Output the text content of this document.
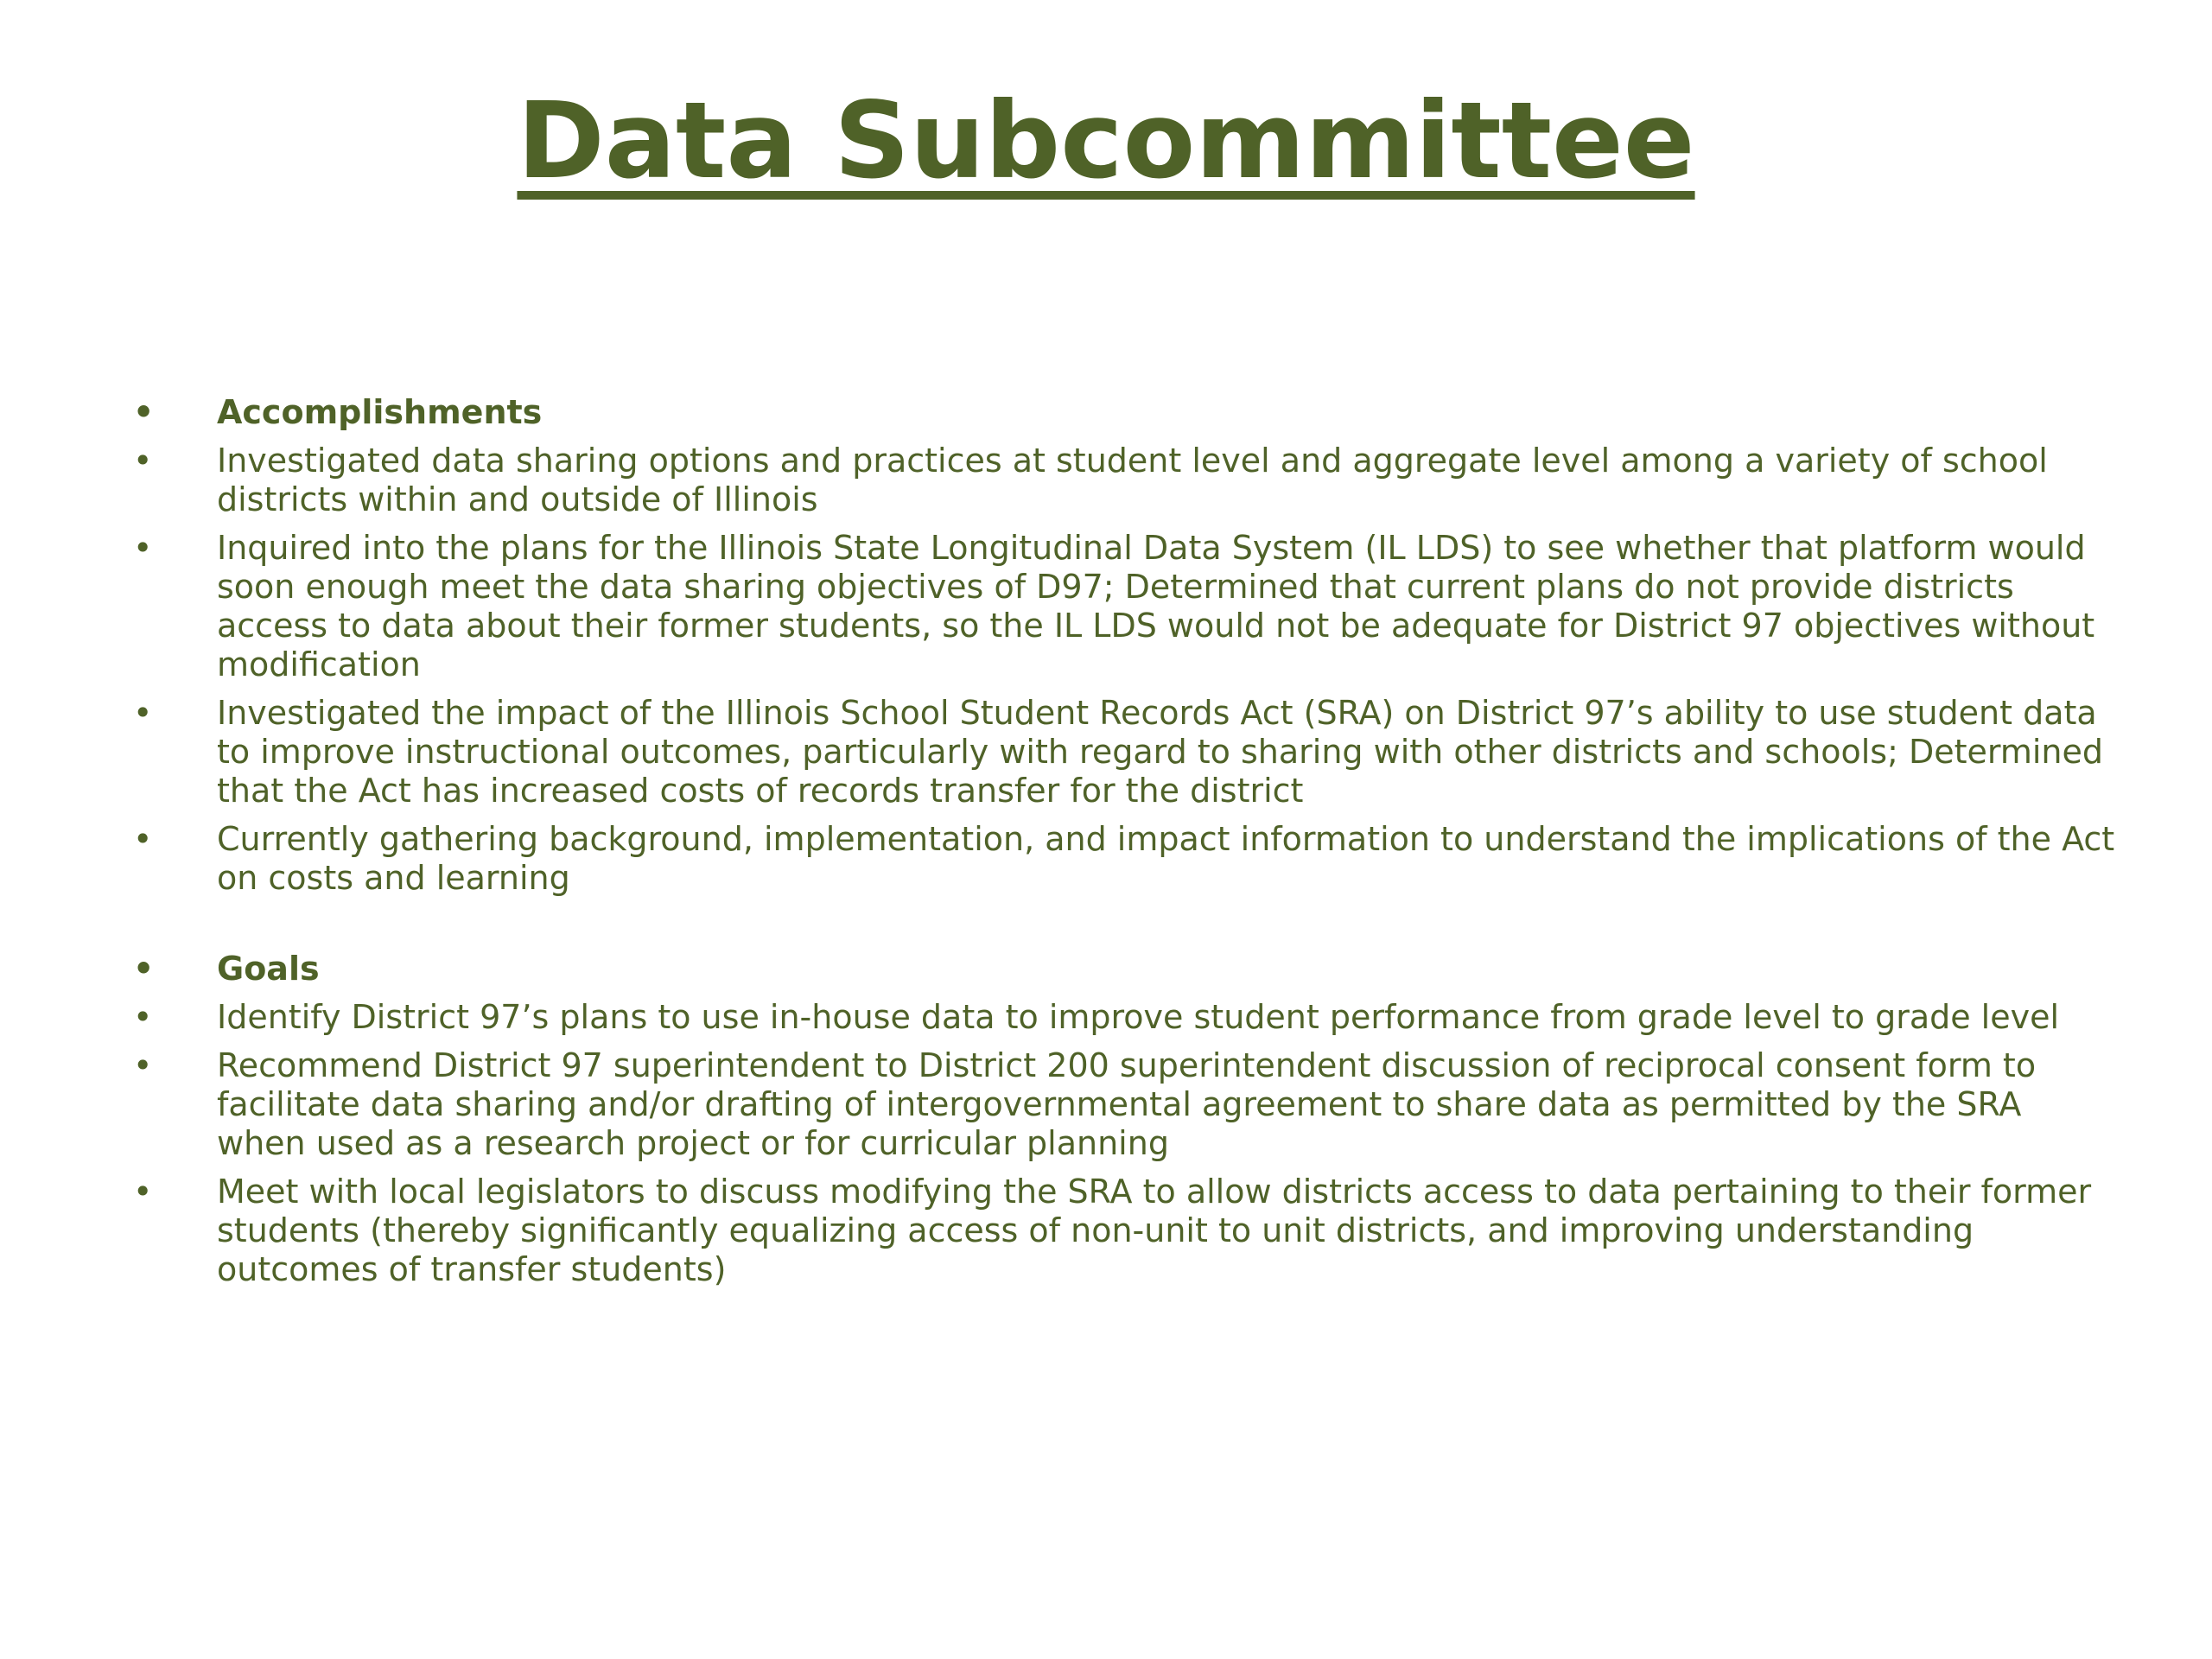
Data Subcommittee
•	Accomplishments
•	Investigated data sharing options and practices at student level and aggregate level among a variety of school districts within and outside of Illinois
•	Inquired into the plans for the Illinois State Longitudinal Data System (IL LDS) to see whether that platform would soon enough meet the data sharing objectives of D97; Determined that current plans do not provide districts access to data about their former students, so the IL LDS would not be adequate for District 97 objectives without modification
•	Investigated the impact of the Illinois School Student Records Act (SRA) on District 97’s ability to use student data to improve instructional outcomes, particularly with regard to sharing with other districts and schools; Determined that the Act has increased costs of records transfer for the district
•	Currently gathering background, implementation, and impact information to understand the implications of the Act on costs and learning
•	Goals
•	Identify District 97’s plans to use in-house data to improve student performance from grade level to grade level
•	Recommend District 97 superintendent to District 200 superintendent discussion of reciprocal consent form to facilitate data sharing and/or drafting of intergovernmental agreement to share data as permitted by the SRA when used as a research project or for curricular planning
•	Meet with local legislators to discuss modifying the SRA to allow districts access to data pertaining to their former students (thereby significantly equalizing access of non-unit to unit districts, and improving understanding outcomes of transfer students)
